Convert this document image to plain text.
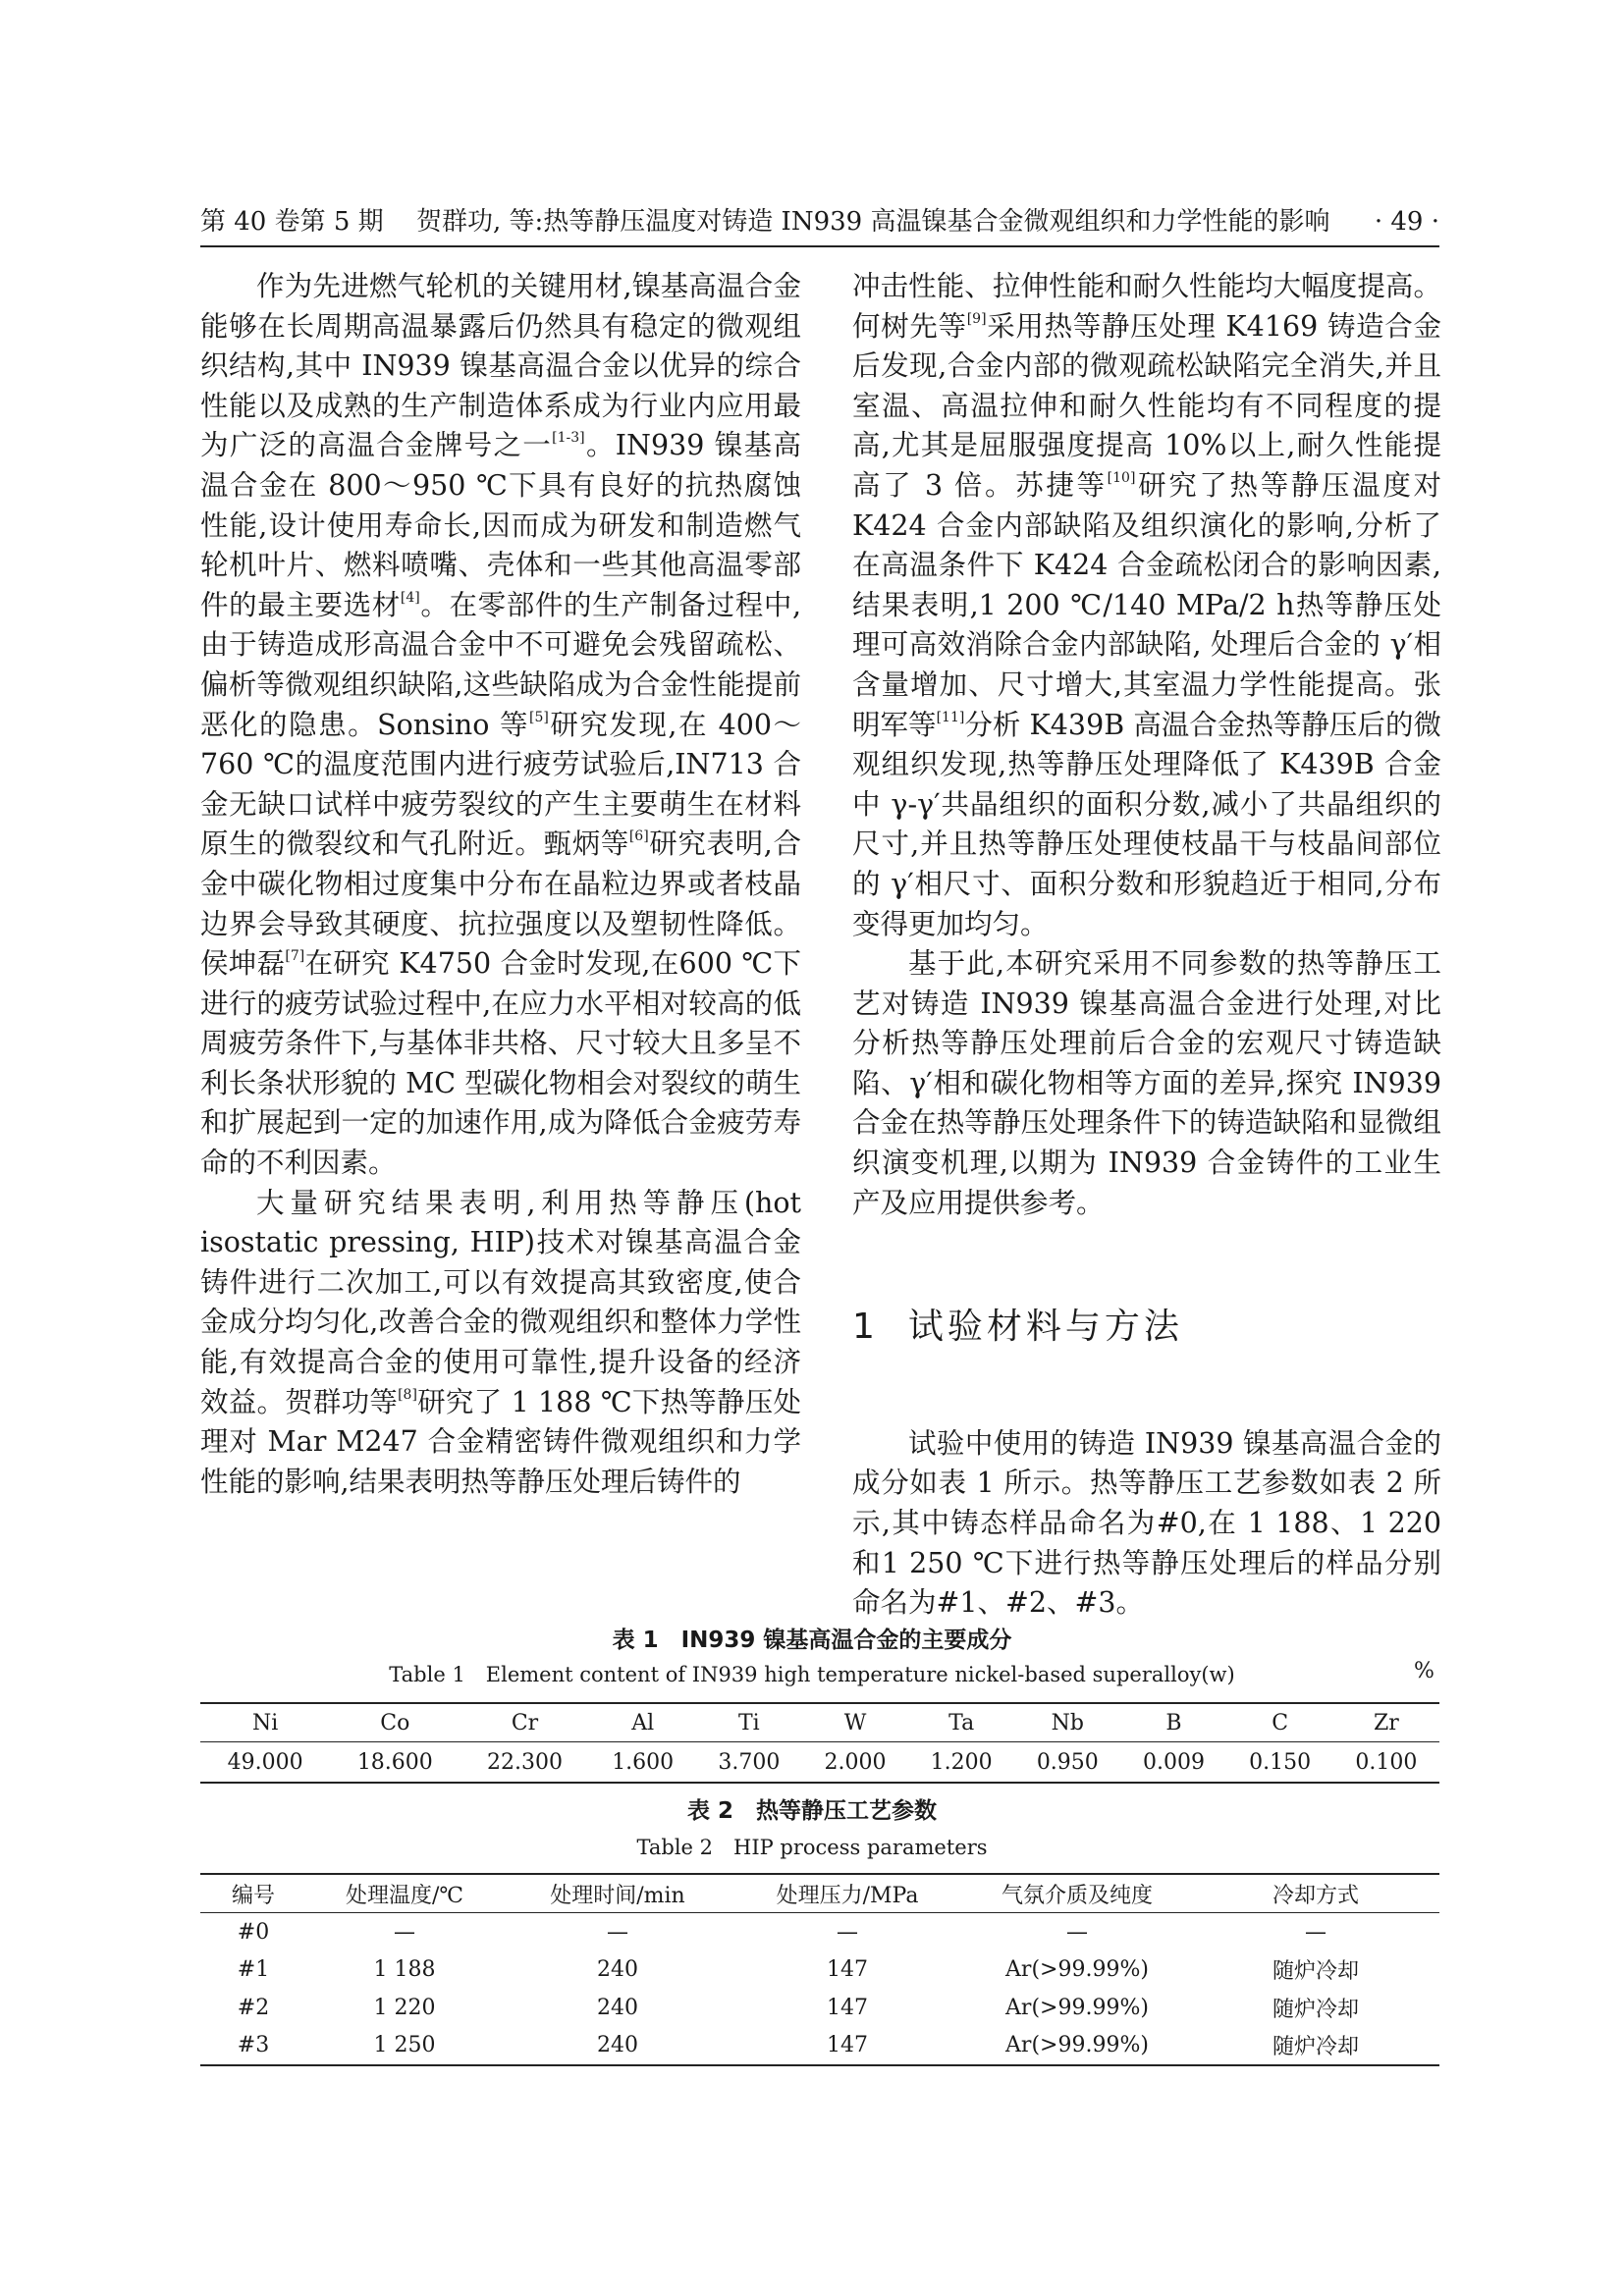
第 40 卷第 5 期 贺群功, 等:热等静压温度对铸造 IN939 高温镍基合金微观组织和力学性能的影响 · 49 ·

作为先进燃气轮机的关键用材,镍基高温合金能够在长周期高温暴露后仍然具有稳定的微观组织结构,其中 IN939 镍基高温合金以优异的综合性能以及成熟的生产制造体系成为行业内应用最为广泛的高温合金牌号之一[1-3]。IN939 镍基高温合金在 800～950 ℃下具有良好的抗热腐蚀性能,设计使用寿命长,因而成为研发和制造燃气轮机叶片、燃料喷嘴、壳体和一些其他高温零部件的最主要选材[4]。在零部件的生产制备过程中,由于铸造成形高温合金中不可避免会残留疏松、偏析等微观组织缺陷,这些缺陷成为合金性能提前恶化的隐患。Sonsino 等[5]研究发现,在 400～760 ℃的温度范围内进行疲劳试验后,IN713 合金无缺口试样中疲劳裂纹的产生主要萌生在材料原生的微裂纹和气孔附近。甄炳等[6]研究表明,合金中碳化物相过度集中分布在晶粒边界或者枝晶边界会导致其硬度、抗拉强度以及塑韧性降低。侯坤磊[7]在研究 K4750 合金时发现,在600 ℃下进行的疲劳试验过程中,在应力水平相对较高的低周疲劳条件下,与基体非共格、尺寸较大且多呈不利长条状形貌的 MC 型碳化物相会对裂纹的萌生和扩展起到一定的加速作用,成为降低合金疲劳寿命的不利因素。

大量研究结果表明,利用热等静压(hot isostatic pressing, HIP)技术对镍基高温合金铸件进行二次加工,可以有效提高其致密度,使合金成分均匀化,改善合金的微观组织和整体力学性能,有效提高合金的使用可靠性,提升设备的经济效益。贺群功等[8]研究了 1 188 ℃下热等静压处理对 Mar M247 合金精密铸件微观组织和力学性能的影响,结果表明热等静压处理后铸件的

冲击性能、拉伸性能和耐久性能均大幅度提高。何树先等[9]采用热等静压处理 K4169 铸造合金后发现,合金内部的微观疏松缺陷完全消失,并且室温、高温拉伸和耐久性能均有不同程度的提高,尤其是屈服强度提高 10%以上,耐久性能提高了 3 倍。苏捷等[10]研究了热等静压温度对 K424 合金内部缺陷及组织演化的影响,分析了在高温条件下 K424 合金疏松闭合的影响因素,结果表明,1 200 ℃/140 MPa/2 h热等静压处理可高效消除合金内部缺陷, 处理后合金的 γ′相含量增加、尺寸增大,其室温力学性能提高。张明军等[11]分析 K439B 高温合金热等静压后的微观组织发现,热等静压处理降低了 K439B 合金中 γ-γ′共晶组织的面积分数,减小了共晶组织的尺寸,并且热等静压处理使枝晶干与枝晶间部位的 γ′相尺寸、面积分数和形貌趋近于相同,分布变得更加均匀。

基于此,本研究采用不同参数的热等静压工艺对铸造 IN939 镍基高温合金进行处理,对比分析热等静压处理前后合金的宏观尺寸铸造缺陷、γ′相和碳化物相等方面的差异,探究 IN939 合金在热等静压处理条件下的铸造缺陷和显微组织演变机理,以期为 IN939 合金铸件的工业生产及应用提供参考。

1 试验材料与方法

试验中使用的铸造 IN939 镍基高温合金的成分如表 1 所示。热等静压工艺参数如表 2 所示,其中铸态样品命名为#0,在 1 188、1 220 和1 250 ℃下进行热等静压处理后的样品分别命名为#1、#2、#3。

表 1　IN939 镍基高温合金的主要成分
Table 1　Element content of IN939 high temperature nickel-based superalloy(w)	%
Ni	Co	Cr	Al	Ti	W	Ta	Nb	B	C	Zr
49.000	18.600	22.300	1.600	3.700	2.000	1.200	0.950	0.009	0.150	0.100
表 2　热等静压工艺参数
Table 2　HIP process parameters
编号	处理温度/℃	处理时间/min	处理压力/MPa	气氛介质及纯度	冷却方式
#0	—	—	—	—	—
#1	1 188	240	147	Ar(>99.99%)	随炉冷却
#2	1 220	240	147	Ar(>99.99%)	随炉冷却
#3	1 250	240	147	Ar(>99.99%)	随炉冷却
